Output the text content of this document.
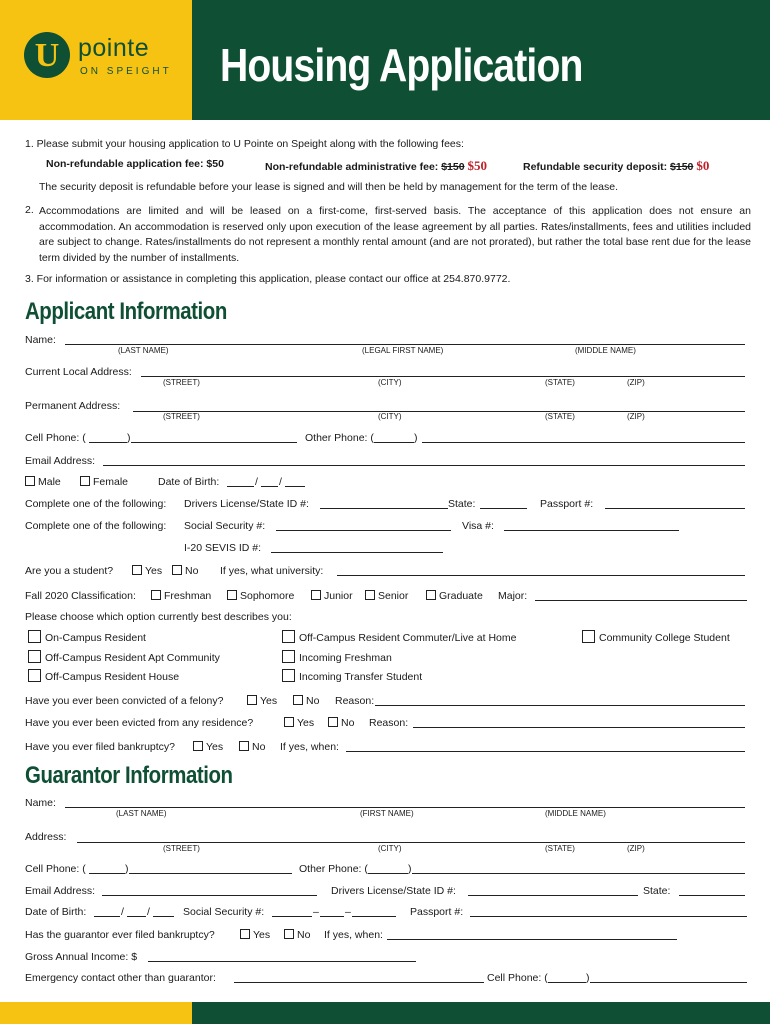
U pointe
ON SPEIGHT Housing Application
1. Please submit your housing application to U Pointe on Speight along with the following fees:
Non-refundable application fee: $50	Non-refundable administrative fee: $150 $50	Refundable security deposit: $150 $0
The security deposit is refundable before your lease is signed and will then be held by management for the term of the lease.
2. Accommodations are limited and will be leased on a first-come, first-served basis. The acceptance of this application does not ensure an accommodation. An accommodation is reserved only upon execution of the lease agreement by all parties. Rates/installments, fees and utilities included are subject to change. Rates/installments do not represent a monthly rental amount (and are not prorated), but rather the total base rent due for the lease term divided by the number of installments.
3. For information or assistance in completing this application, please contact our office at 254.870.9772.
Applicant Information
Name:
(LAST NAME)	(LEGAL FIRST NAME)	(MIDDLE NAME)
Current Local Address:
(STREET)	(CITY)	(STATE)	(ZIP)
Permanent Address:
(STREET)	(CITY)	(STATE)	(ZIP)
Cell Phone: (	)	Other Phone: (	)
Email Address:
Male	Female	Date of Birth:	/ /
Complete one of the following: Drivers License/State ID #:	State:	Passport #:
Complete one of the following: Social Security #:	Visa #:
I-20 SEVIS ID #:
Are you a student?	Yes	No If yes, what university:
Fall 2020 Classification:	Freshman	Sophomore	Junior	Senior	Graduate Major:
Please choose which option currently best describes you:
On-Campus Resident	Off-Campus Resident Commuter/Live at Home	Community College Student
Off-Campus Resident Apt Community	Incoming Freshman
Off-Campus Resident House	Incoming Transfer Student
Have you ever been convicted of a felony?	Yes	No Reason:
Have you ever been evicted from any residence?	Yes	No Reason:
Have you ever filed bankruptcy?	Yes	No If yes, when:
Guarantor Information
Name:
(LAST NAME)	(FIRST NAME)	(MIDDLE NAME)
Address:
(STREET)	(CITY)	(STATE)	(ZIP)
Cell Phone: (	)	Other Phone: (	)
Email Address:	Drivers License/State ID #:	State:
Date of Birth:	/ /	Social Security #:	– –	Passport #:
Has the guarantor ever filed bankruptcy?	Yes	No If yes, when:
Gross Annual Income: $
Emergency contact other than guarantor:	Cell Phone: (	)
